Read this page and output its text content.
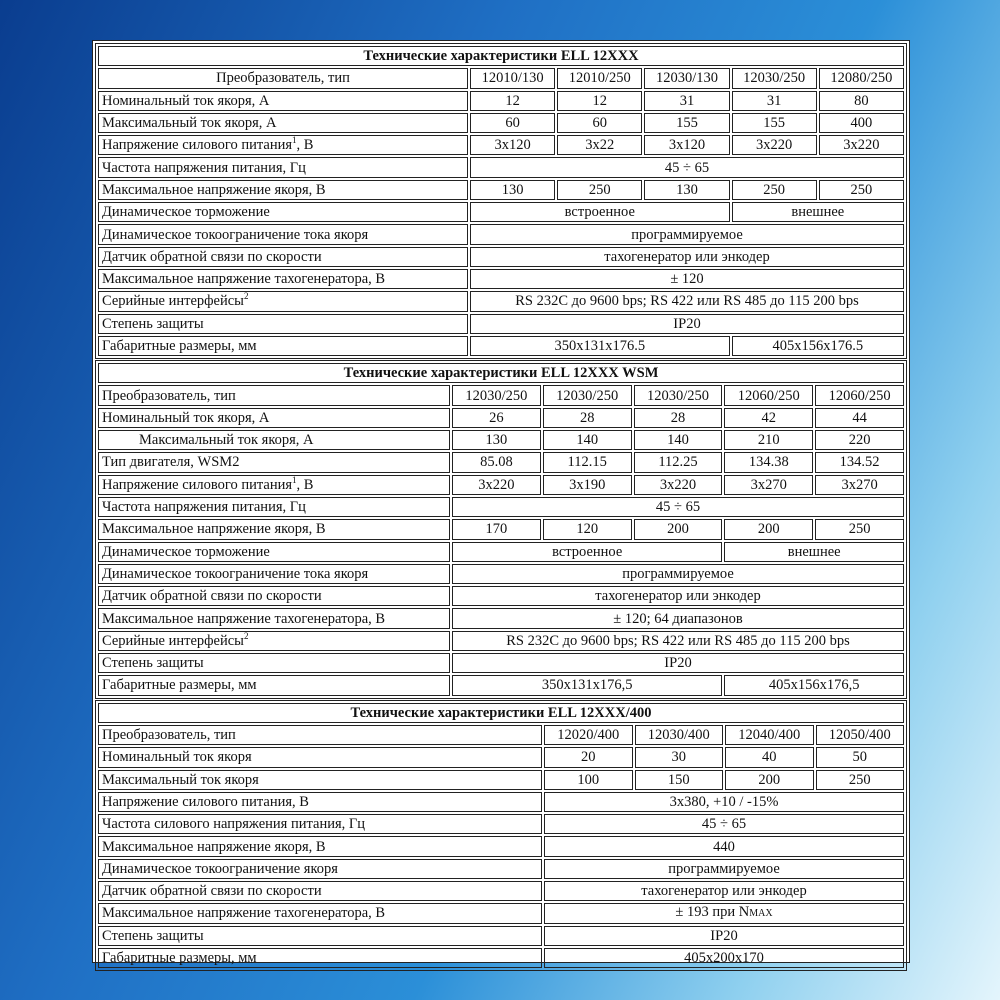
Технические характеристики ELL 12XXX					
Преобразователь, тип	12010/130	12010/250	12030/130	12030/250	12080/250
Номинальный ток якоря, А	12	12	31	31	80
Максимальный ток якоря, А	60	60	155	155	400
Напряжение силового питания$^1$, В	3x120	3x22	3x120	3x220	3x220
Частота напряжения питания, Гц	45 ÷ 65				
Максимальное напряжение якоря, В	130	250	130	250	250
Динамическое торможение	встроенное			внешнее	
Динамическое токоограничение тока якоря	программируемое				
Датчик обратной связи по скорости	тахогенератор или энкодер				
Максимальное напряжение тахогенератора, В	± 120				
Серийные интерфейсы$^2$	RS 232C до 9600 bps; RS 422 или RS 485 до 115 200 bps				
Степень защиты	IP20				
Габаритные размеры, мм	350x131x176.5			405x156x176.5	
Технические характеристики ELL 12XXX WSM					
Преобразователь, тип	12030/250	12030/250	12030/250	12060/250	12060/250
Номинальный ток якоря, А	26	28	28	42	44
Максимальный ток якоря, А	130	140	140	210	220
Тип двигателя, WSM2	85.08	112.15	112.25	134.38	134.52
Напряжение силового питания$^1$, В	3x220	3x190	3x220	3x270	3x270
Частота напряжения питания, Гц	45 ÷ 65				
Максимальное напряжение якоря, В	170	120	200	200	250
Динамическое торможение	встроенное			внешнее	
Динамическое токоограничение тока якоря	программируемое				
Датчик обратной связи по скорости	тахогенератор или энкодер				
Максимальное напряжение тахогенератора, В	± 120; 64 диапазонов				
Серийные интерфейсы$^2$	RS 232C до 9600 bps; RS 422 или RS 485 до 115 200 bps				
Степень защиты	IP20				
Габаритные размеры, мм	350x131x176,5			405x156x176,5	
Технические характеристики ELL 12XXX/400				
Преобразователь, тип	12020/400	12030/400	12040/400	12050/400
Номинальный ток якоря	20	30	40	50
Максимальный ток якоря	100	150	200	250
Напряжение силового питания, В	3x380, +10 / -15%			
Частота силового напряжения питания, Гц	45 ÷ 65			
Максимальное напряжение якоря, В	440			
Динамическое токоограничение якоря	программируемое			
Датчик обратной связи по скорости	тахогенератор или энкодер			
Максимальное напряжение тахогенератора, В	± 193 при NMAX			
Степень защиты	IP20			
Габаритные размеры, мм	405x200x170			
